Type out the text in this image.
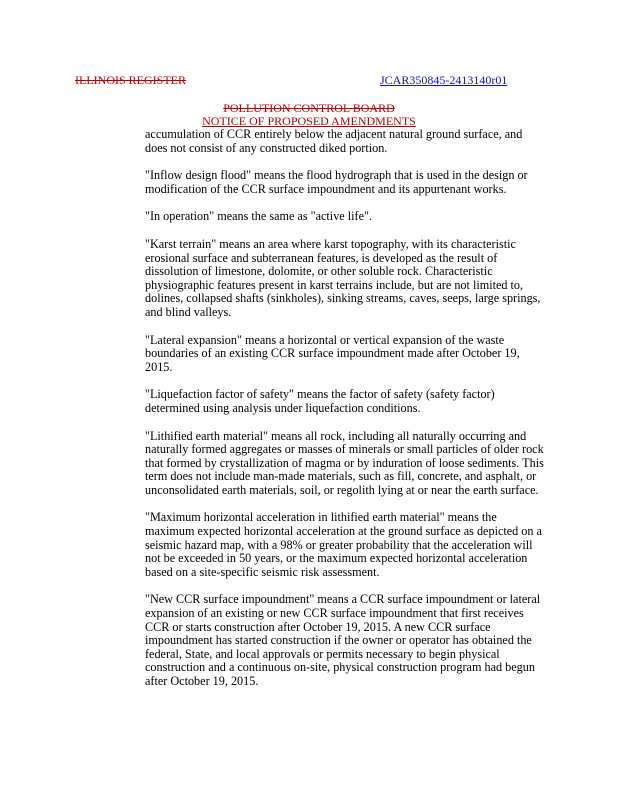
ILLINOIS REGISTER	JCAR350845-2413140r01
POLLUTION CONTROL BOARD
NOTICE OF PROPOSED AMENDMENTS

accumulation of CCR entirely below the adjacent natural ground surface, and
does not consist of any constructed diked portion.

"Inflow design flood" means the flood hydrograph that is used in the design or
modification of the CCR surface impoundment and its appurtenant works.

"In operation" means the same as "active life".

"Karst terrain" means an area where karst topography, with its characteristic
erosional surface and subterranean features, is developed as the result of
dissolution of limestone, dolomite, or other soluble rock. Characteristic
physiographic features present in karst terrains include, but are not limited to,
dolines, collapsed shafts (sinkholes), sinking streams, caves, seeps, large springs,
and blind valleys.

"Lateral expansion" means a horizontal or vertical expansion of the waste
boundaries of an existing CCR surface impoundment made after October 19,
2015.

"Liquefaction factor of safety" means the factor of safety (safety factor)
determined using analysis under liquefaction conditions.

"Lithified earth material" means all rock, including all naturally occurring and
naturally formed aggregates or masses of minerals or small particles of older rock
that formed by crystallization of magma or by induration of loose sediments. This
term does not include man-made materials, such as fill, concrete, and asphalt, or
unconsolidated earth materials, soil, or regolith lying at or near the earth surface.

"Maximum horizontal acceleration in lithified earth material" means the
maximum expected horizontal acceleration at the ground surface as depicted on a
seismic hazard map, with a 98% or greater probability that the acceleration will
not be exceeded in 50 years, or the maximum expected horizontal acceleration
based on a site-specific seismic risk assessment.

"New CCR surface impoundment" means a CCR surface impoundment or lateral
expansion of an existing or new CCR surface impoundment that first receives
CCR or starts construction after October 19, 2015. A new CCR surface
impoundment has started construction if the owner or operator has obtained the
federal, State, and local approvals or permits necessary to begin physical
construction and a continuous on-site, physical construction program had begun
after October 19, 2015.
